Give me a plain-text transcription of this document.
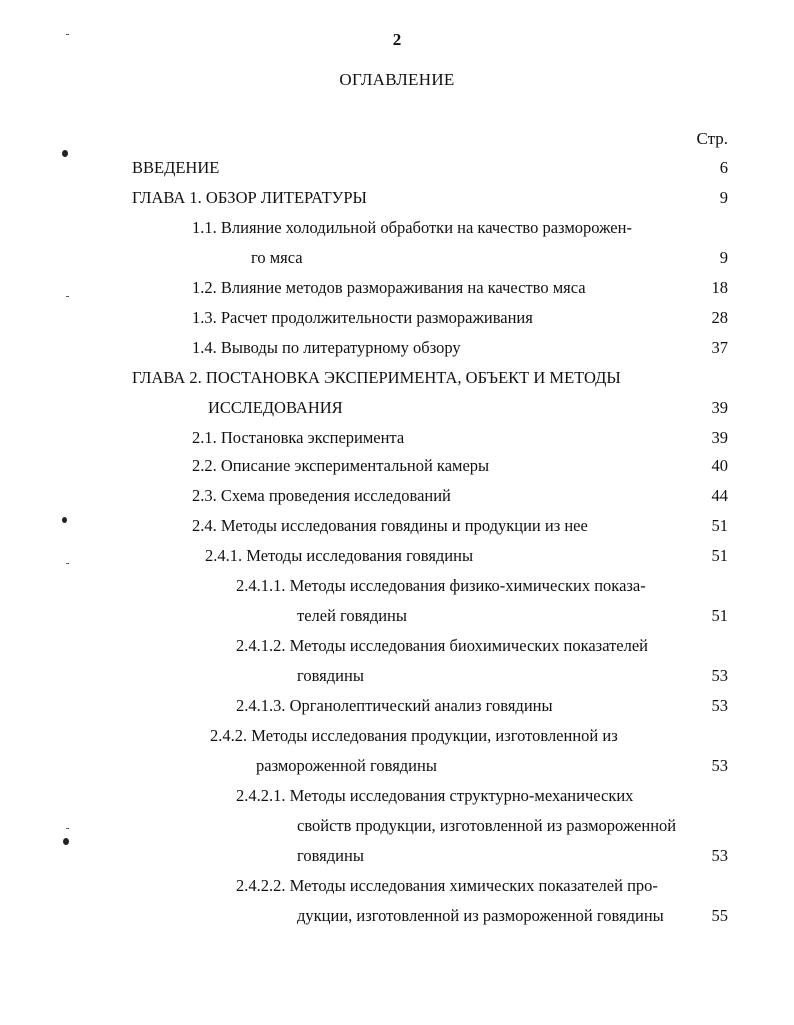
2
ОГЛАВЛЕНИЕ
Стр.
ВВЕДЕНИЕ .....	6
ГЛАВА 1. ОБЗОР ЛИТЕРАТУРЫ .....	9
1.1. Влияние холодильной обработки на качество разморожен-
го мяса .....	9
1.2. Влияние методов размораживания на качество мяса .....	18
1.3. Расчет продолжительности размораживания .....	28
1.4. Выводы по литературному обзору .....	37
ГЛАВА 2. ПОСТАНОВКА ЭКСПЕРИМЕНТА, ОБЪЕКТ И МЕТОДЫ
ИССЛЕДОВАНИЯ .....	39
2.1. Постановка эксперимента .....	39
2.2. Описание экспериментальной камеры .....	40
2.3. Схема проведения исследований .....	44
2.4. Методы исследования говядины и продукции из нее .....	51
2.4.1. Методы исследования говядины .....	51
2.4.1.1. Методы исследования физико-химических показа-
телей говядины .....	51
2.4.1.2. Методы исследования биохимических показателей
говядины .....	53
2.4.1.3. Органолептический анализ говядины .....	53
2.4.2. Методы исследования продукции, изготовленной из
размороженной говядины .....	53
2.4.2.1. Методы исследования структурно-механических
свойств продукции, изготовленной из размороженной
говядины .....	53
2.4.2.2. Методы исследования химических показателей про-
дукции, изготовленной из размороженной говядины .....	55
